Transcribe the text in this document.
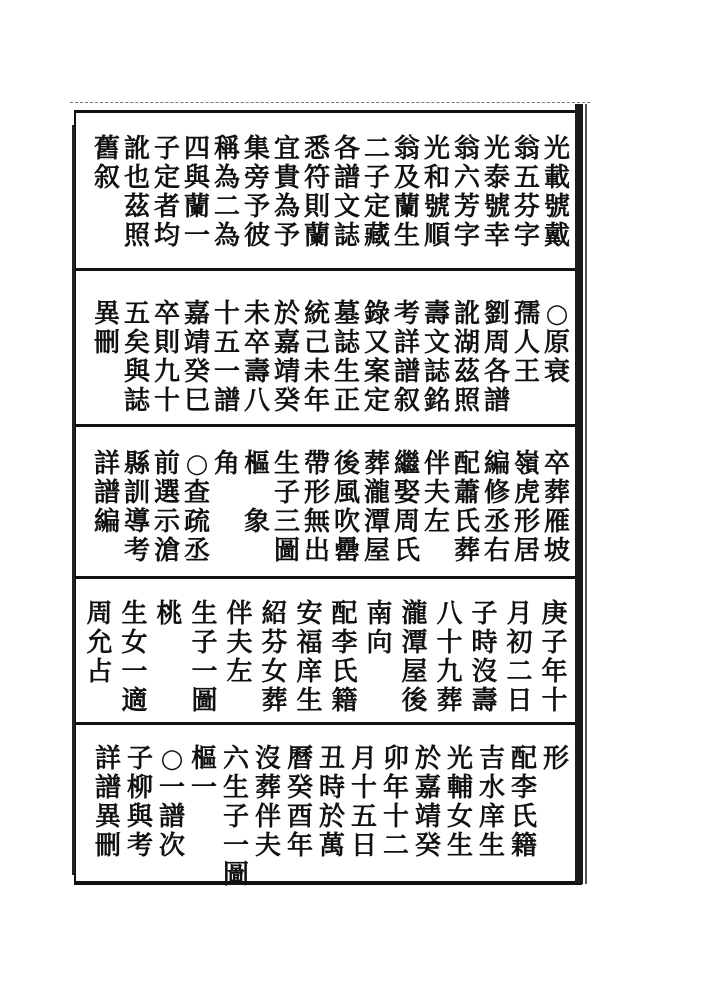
光
載
號
戴
翁
五
芬
字
光
泰
號
幸
翁
六
芳
字
光
和
號
順
翁
及
蘭
生
二
子
定
藏
各
譜
文
誌
悉
符
則
蘭
宜
貴
為
予
集
旁
予
彼
稱
為
二
為
四
與
蘭
一
子
定
者
均
訛
也
茲
照
舊
叙
○
原
衰
孺
人
王
劉
周
各
譜
訛
湖
茲
照
壽
文
誌
銘
考
詳
譜
叙
錄
又
案
定
墓
誌
生
正
統
己
未
年
於
嘉
靖
癸
未
卒
壽
八
十
五
一
譜
嘉
靖
癸
巳
卒
則
九
十
五
矣
與
誌
異
刪
卒
葬
雁
坡
嶺
虎
形
居
編
修
丞
右
配
蕭
氏
葬
伴
夫
左
繼
娶
周
氏
葬
瀧
潭
屋
後
風
吹
罍
帶
形
無
出
生
子
三
圖
樞

象
角
○
查
疏
丞
前
選
示
滄
縣
訓
導
考
詳
譜
編
庚
子
年
十
月
初
二
日
子
時
沒
壽
八
十
九
葬
瀧
潭
屋
後
南
向
配
李
氏
籍
安
福
庠
生
紹
芬
女
葬
伴
夫
左
生
子
一
圖
桃
生
女
一
適
周
允
占
形
配
李
氏
籍
吉
水
庠
生
光
輔
女
生
於
嘉
靖
癸
卯
年
十
二
月
十
五
日
丑
時
於
萬
曆
癸
酉
年
沒
葬
伴
夫
六
生
子
一
圖
樞
一
○
一
譜
次
子
柳
與
考
詳
譜
異
刪
